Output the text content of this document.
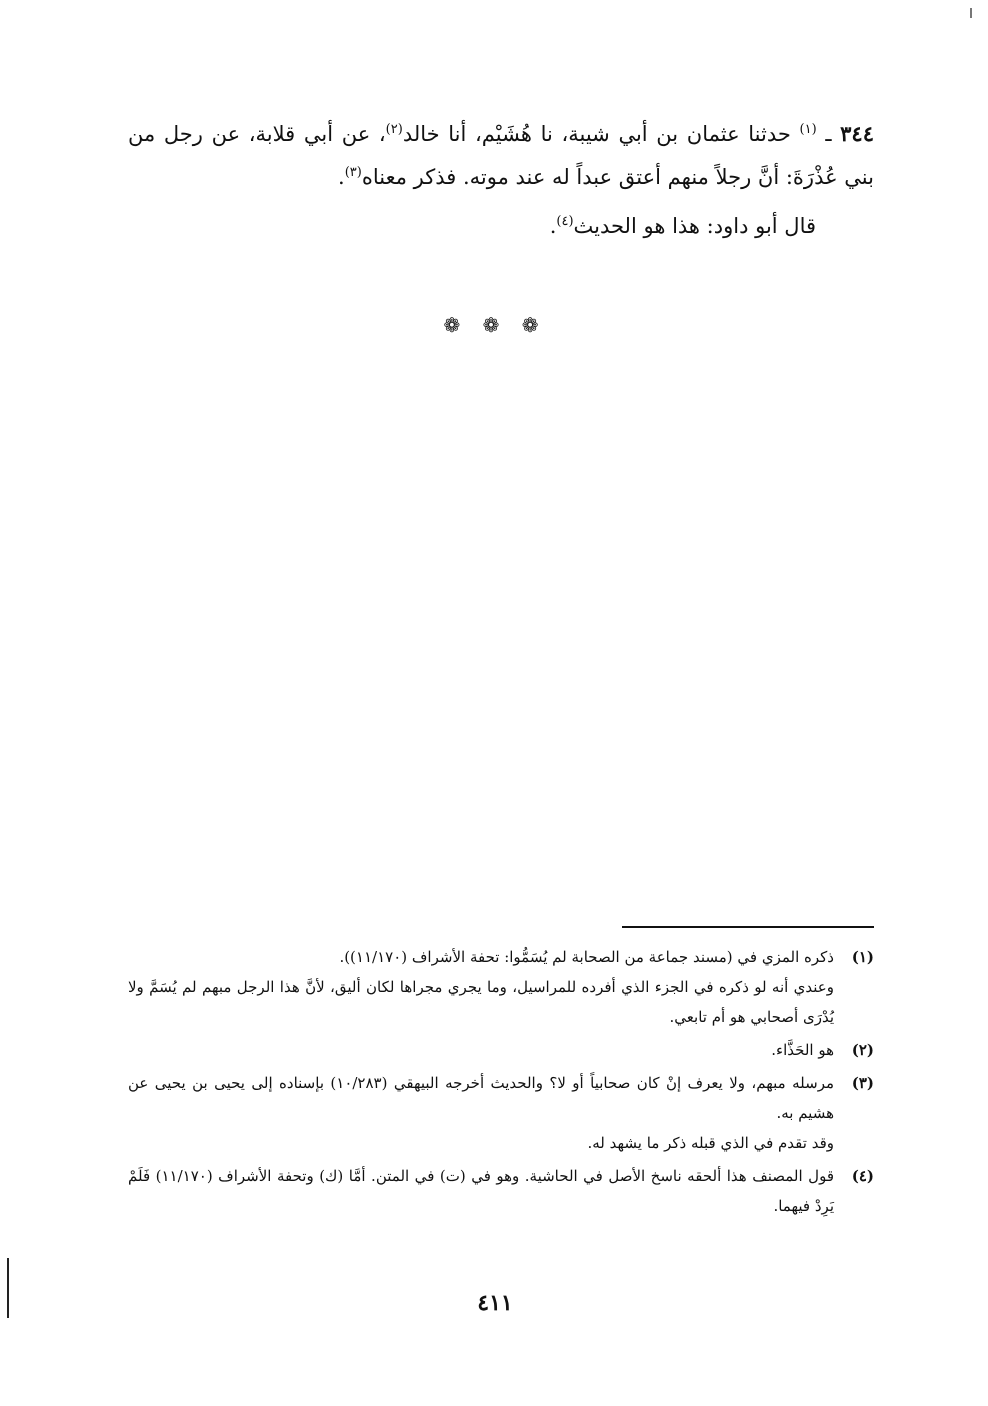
٣٤٤ ـ $^{(١)}$ حدثنا عثمان بن أبي شيبة، نا هُشَيْم، أنا خالد$^{(٢)}$، عن أبي قلابة، عن رجل من بني عُذْرَةَ: أنَّ رجلاً منهم أعتق عبداً له عند موته. فذكر معناه$^{(٣)}$.

قال أبو داود: هذا هو الحديث$^{(٤)}$.

❁ ❁ ❁
(١)

ذكره المزي في (مسند جماعة من الصحابة لم يُسَمُّوا: تحفة الأشراف (١١/١٧٠)).

وعندي أنه لو ذكره في الجزء الذي أفرده للمراسيل، وما يجري مجراها لكان أليق، لأنَّ هذا الرجل مبهم لم يُسَمَّ ولا يُدْرَى أصحابي هو أم تابعي.

(٢)

هو الحَذَّاء.

(٣)

مرسله مبهم، ولا يعرف إنْ كان صحابياً أو لا؟ والحديث أخرجه البيهقي (١٠/٢٨٣) بإسناده إلى يحيى بن يحيى عن هشيم به.

وقد تقدم في الذي قبله ذكر ما يشهد له.

(٤)

قول المصنف هذا ألحقه ناسخ الأصل في الحاشية. وهو في (ت) في المتن. أمَّا (ك) وتحفة الأشراف (١١/١٧٠) فَلَمْ يَرِدْ فيهما.

٤١١
